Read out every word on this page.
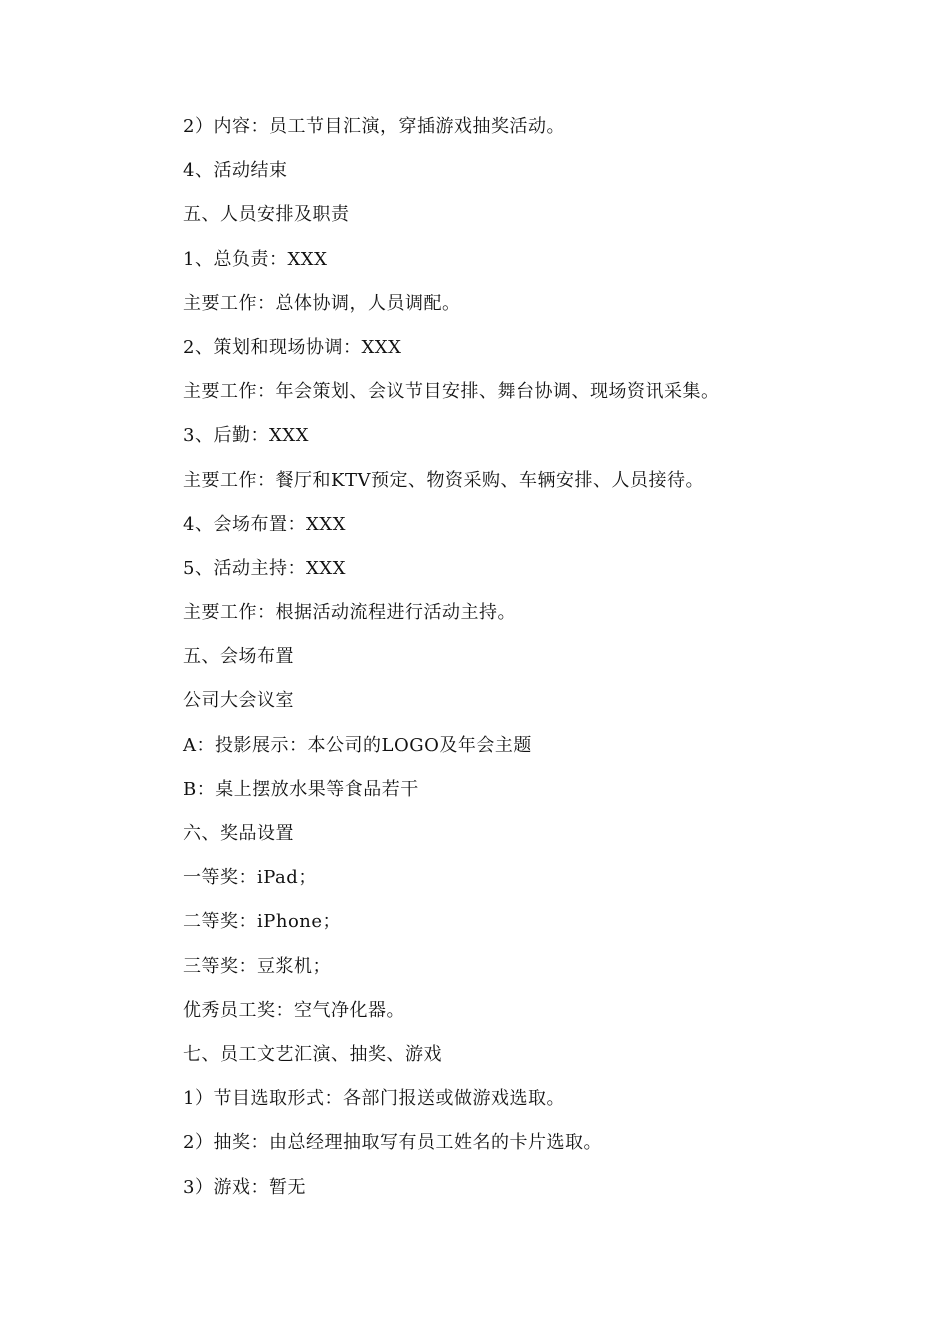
2）内容：员工节目汇演，穿插游戏抽奖活动。
4、活动结束
五、人员安排及职责
1、总负责：XXX
主要工作：总体协调，人员调配。
2、策划和现场协调：XXX
主要工作：年会策划、会议节目安排、舞台协调、现场资讯采集。
3、后勤：XXX
主要工作：餐厅和KTV预定、物资采购、车辆安排、人员接待。
4、会场布置：XXX
5、活动主持：XXX
主要工作：根据活动流程进行活动主持。
五、会场布置
公司大会议室
A：投影展示：本公司的LOGO及年会主题
B：桌上摆放水果等食品若干
六、奖品设置
一等奖：iPad；
二等奖：iPhone；
三等奖：豆浆机；
优秀员工奖：空气净化器。
七、员工文艺汇演、抽奖、游戏
1）节目选取形式：各部门报送或做游戏选取。
2）抽奖：由总经理抽取写有员工姓名的卡片选取。
3）游戏：暂无
